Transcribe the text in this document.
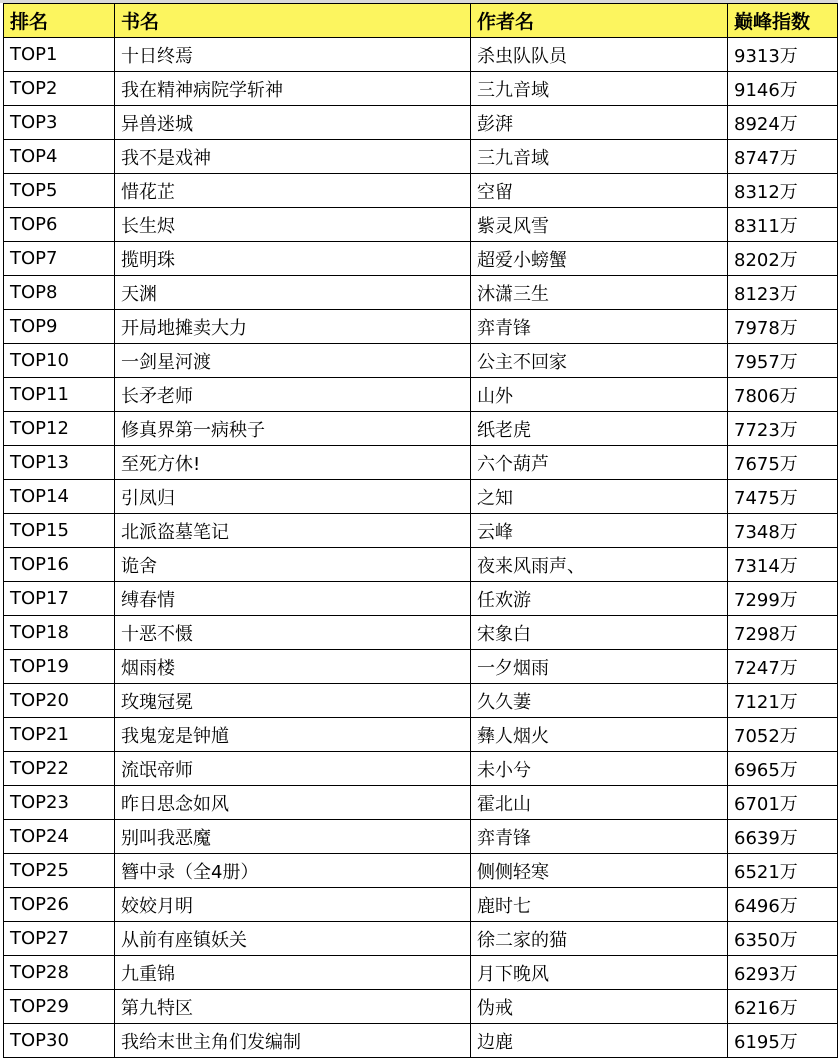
排名	书名	作者名	巅峰指数
TOP1	十日终焉	杀虫队队员	9313万
TOP2	我在精神病院学斩神	三九音域	9146万
TOP3	异兽迷城	彭湃	8924万
TOP4	我不是戏神	三九音域	8747万
TOP5	惜花芷	空留	8312万
TOP6	长生烬	紫灵风雪	8311万
TOP7	揽明珠	超爱小螃蟹	8202万
TOP8	天渊	沐潇三生	8123万
TOP9	开局地摊卖大力	弈青锋	7978万
TOP10	一剑星河渡	公主不回家	7957万
TOP11	长矛老师	山外	7806万
TOP12	修真界第一病秧子	纸老虎	7723万
TOP13	至死方休!	六个葫芦	7675万
TOP14	引凤归	之知	7475万
TOP15	北派盗墓笔记	云峰	7348万
TOP16	诡舍	夜来风雨声、	7314万
TOP17	缚春情	任欢游	7299万
TOP18	十恶不慑	宋象白	7298万
TOP19	烟雨楼	一夕烟雨	7247万
TOP20	玫瑰冠冕	久久萋	7121万
TOP21	我鬼宠是钟馗	彝人烟火	7052万
TOP22	流氓帝师	未小兮	6965万
TOP23	昨日思念如风	霍北山	6701万
TOP24	别叫我恶魔	弈青锋	6639万
TOP25	簪中录（全4册）	侧侧轻寒	6521万
TOP26	姣姣月明	鹿时七	6496万
TOP27	从前有座镇妖关	徐二家的猫	6350万
TOP28	九重锦	月下晚风	6293万
TOP29	第九特区	伪戒	6216万
TOP30	我给末世主角们发编制	边鹿	6195万
